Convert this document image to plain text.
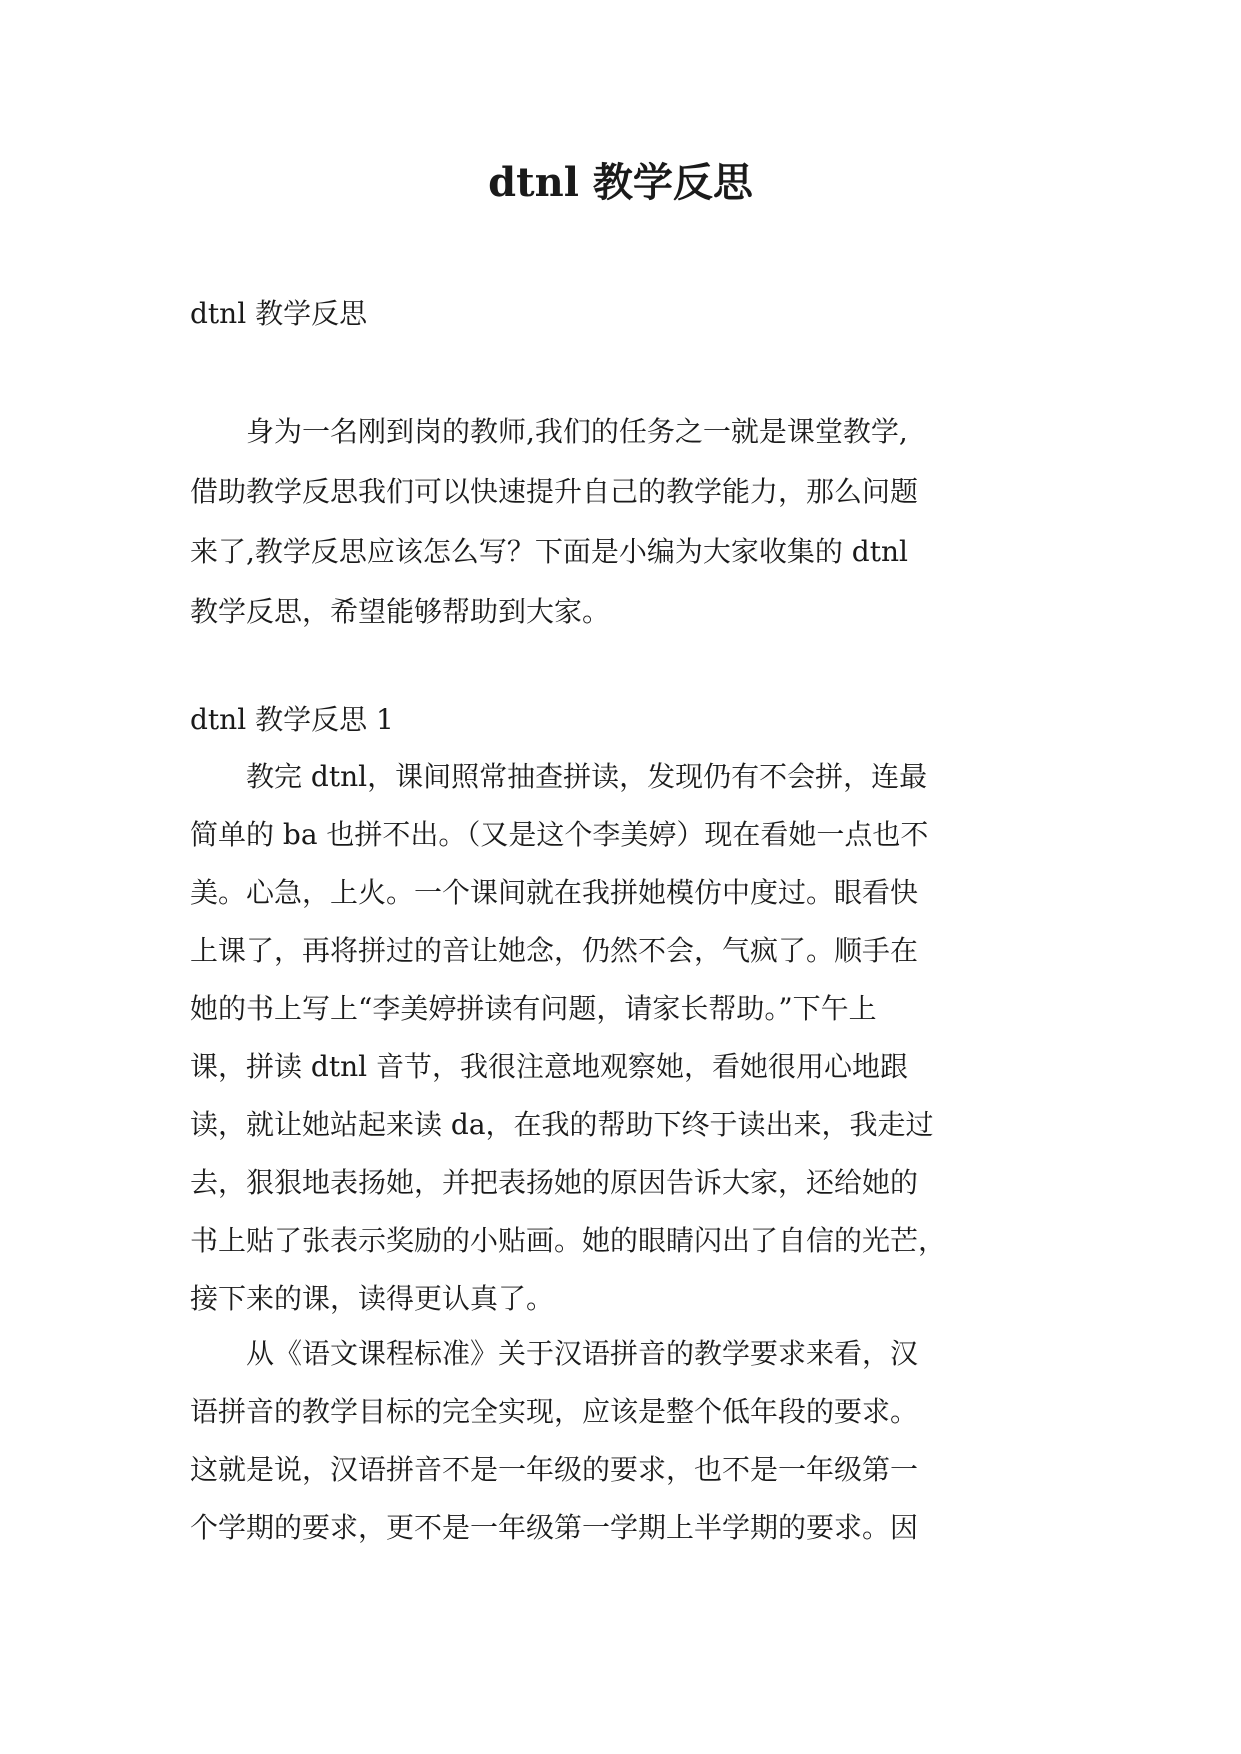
dtnl 教学反思

dtnl 教学反思

　　身为一名刚到岗的教师,我们的任务之一就是课堂教学,
借助教学反思我们可以快速提升自己的教学能力，那么问题
来了,教学反思应该怎么写？下面是小编为大家收集的 dtnl
教学反思，希望能够帮助到大家。

dtnl 教学反思 1

　　教完 dtnl，课间照常抽查拼读，发现仍有不会拼，连最
简单的 ba 也拼不出。（又是这个李美婷）现在看她一点也不
美。心急，上火。一个课间就在我拼她模仿中度过。眼看快
上课了，再将拼过的音让她念，仍然不会，气疯了。顺手在
她的书上写上“李美婷拼读有问题，请家长帮助。”下午上
课，拼读 dtnl 音节，我很注意地观察她，看她很用心地跟
读，就让她站起来读 da，在我的帮助下终于读出来，我走过
去，狠狠地表扬她，并把表扬她的原因告诉大家，还给她的
书上贴了张表示奖励的小贴画。她的眼睛闪出了自信的光芒，
接下来的课，读得更认真了。
　　从《语文课程标准》关于汉语拼音的教学要求来看，汉
语拼音的教学目标的完全实现，应该是整个低年段的要求。
这就是说，汉语拼音不是一年级的要求，也不是一年级第一
个学期的要求，更不是一年级第一学期上半学期的要求。因
